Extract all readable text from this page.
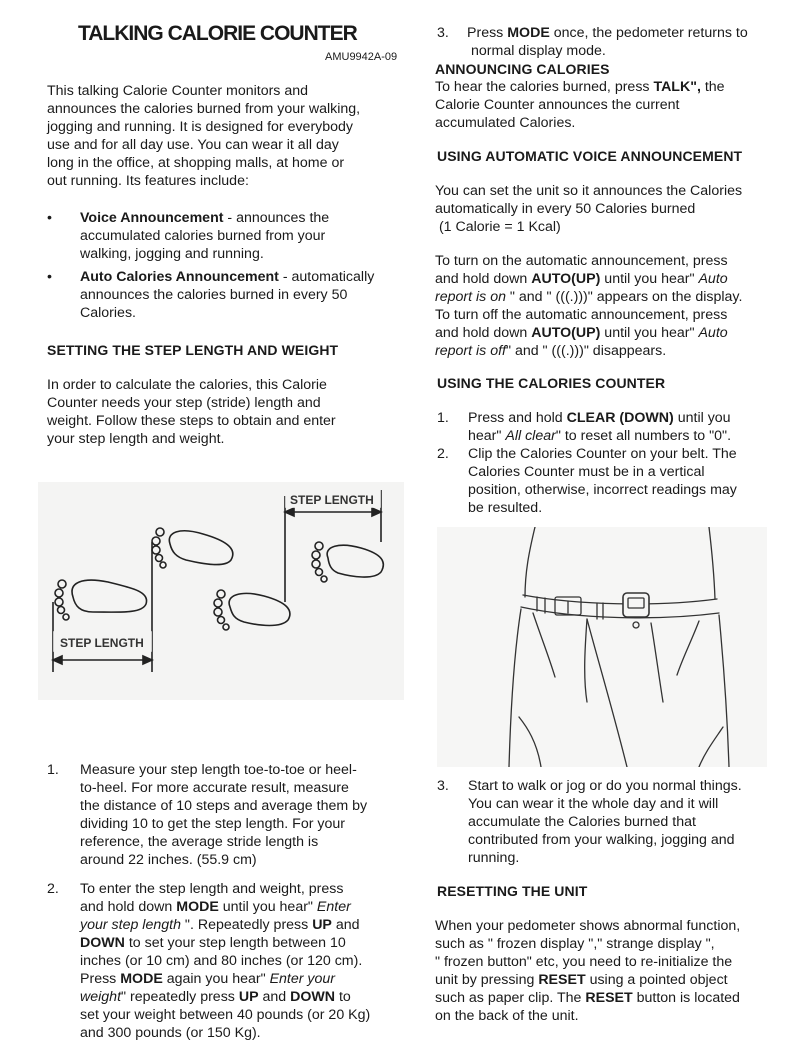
TALKING CALORIE COUNTER
AMU9942A-09

This talking Calorie Counter monitors and

announces the calories burned from your walking,

jogging and running. It is designed for everybody

use and for all day use. You can wear it all day

long in the office, at shopping malls, at home or

out running. Its features include:

• Voice Announcement - announces the

accumulated calories burned from your

walking, jogging and running.

• Auto Calories Announcement - automatically

announces the calories burned in every 50

Calories.

SETTING THE STEP LENGTH AND WEIGHT

In order to calculate the calories, this Calorie

Counter needs your step (stride) length and

weight. Follow these steps to obtain and enter

your step length and weight.

STEP LENGTH
STEP LENGTH
1. Measure your step length toe-to-toe or heel-

to-heel. For more accurate result, measure

the distance of 10 steps and average them by

dividing 10 to get the step length. For your

reference, the average stride length is

around 22 inches. (55.9 cm)

2. To enter the step length and weight, press

and hold down MODE until you hear" Enter

your step length ". Repeatedly press UP and

DOWN to set your step length between 10

inches (or 10 cm) and 80 inches (or 120 cm).

Press MODE again you hear" Enter your

weight" repeatedly press UP and DOWN to

set your weight between 40 pounds (or 20 Kg)

and 300 pounds (or 150 Kg).

3. Press MODE once, the pedometer returns to

normal display mode.

ANNOUNCING CALORIES

To hear the calories burned, press TALK", the

Calorie Counter announces the current

accumulated Calories.

USING AUTOMATIC VOICE ANNOUNCEMENT

You can set the unit so it announces the Calories

automatically in every 50 Calories burned

(1 Calorie = 1 Kcal)

To turn on the automatic announcement, press

and hold down AUTO(UP) until you hear" Auto

report is on " and " (((.)))" appears on the display.

To turn off the automatic announcement, press

and hold down AUTO(UP) until you hear" Auto

report is off" and " (((.)))" disappears.

USING THE CALORIES COUNTER
1. Press and hold CLEAR (DOWN) until you

hear" All clear" to reset all numbers to "0".

2. Clip the Calories Counter on your belt. The

Calories Counter must be in a vertical

position, otherwise, incorrect readings may

be resulted.

3. Start to walk or jog or do you normal things.

You can wear it the whole day and it will

accumulate the Calories burned that

contributed from your walking, jogging and

running.

RESETTING THE UNIT

When your pedometer shows abnormal function,

such as " frozen display "," strange display ",

" frozen button" etc, you need to re-initialize the

unit by pressing RESET using a pointed object

such as paper clip. The RESET button is located

on the back of the unit.
